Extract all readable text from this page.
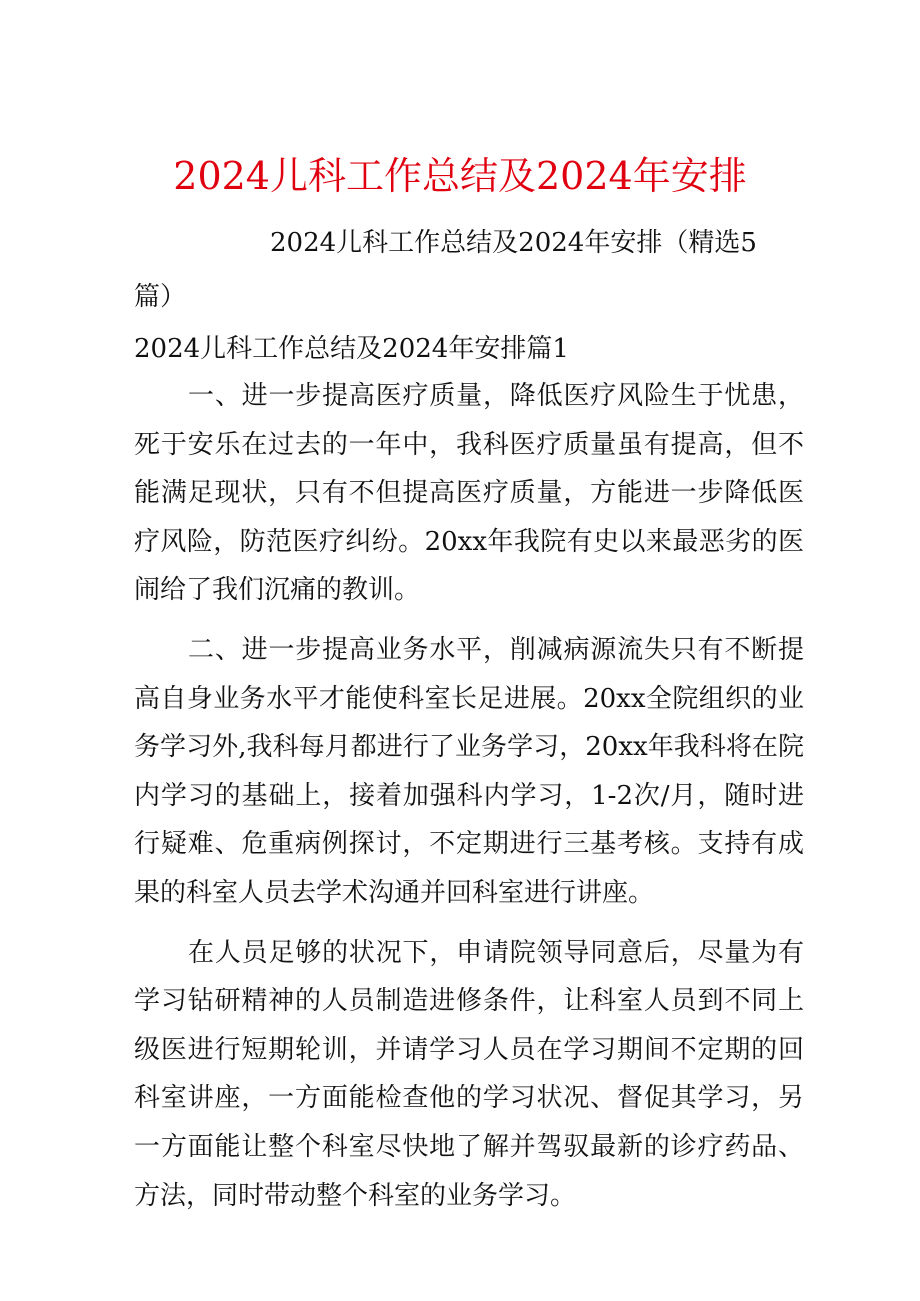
2024儿科工作总结及2024年安排

2024儿科工作总结及2024年安排（精选5篇）

2024儿科工作总结及2024年安排篇1

一、进一步提高医疗质量，降低医疗风险生于忧患，死于安乐在过去的一年中，我科医疗质量虽有提高，但不能满足现状，只有不但提高医疗质量，方能进一步降低医疗风险，防范医疗纠纷。20xx年我院有史以来最恶劣的医闹给了我们沉痛的教训。

二、进一步提高业务水平，削减病源流失只有不断提高自身业务水平才能使科室长足进展。20xx全院组织的业务学习外,我科每月都进行了业务学习，20xx年我科将在院内学习的基础上，接着加强科内学习，1-2次/月，随时进行疑难、危重病例探讨，不定期进行三基考核。支持有成果的科室人员去学术沟通并回科室进行讲座。

在人员足够的状况下，申请院领导同意后，尽量为有学习钻研精神的人员制造进修条件，让科室人员到不同上级医进行短期轮训，并请学习人员在学习期间不定期的回科室讲座，一方面能检查他的学习状况、督促其学习，另一方面能让整个科室尽快地了解并驾驭最新的诊疗药品、方法，同时带动整个科室的业务学习。
